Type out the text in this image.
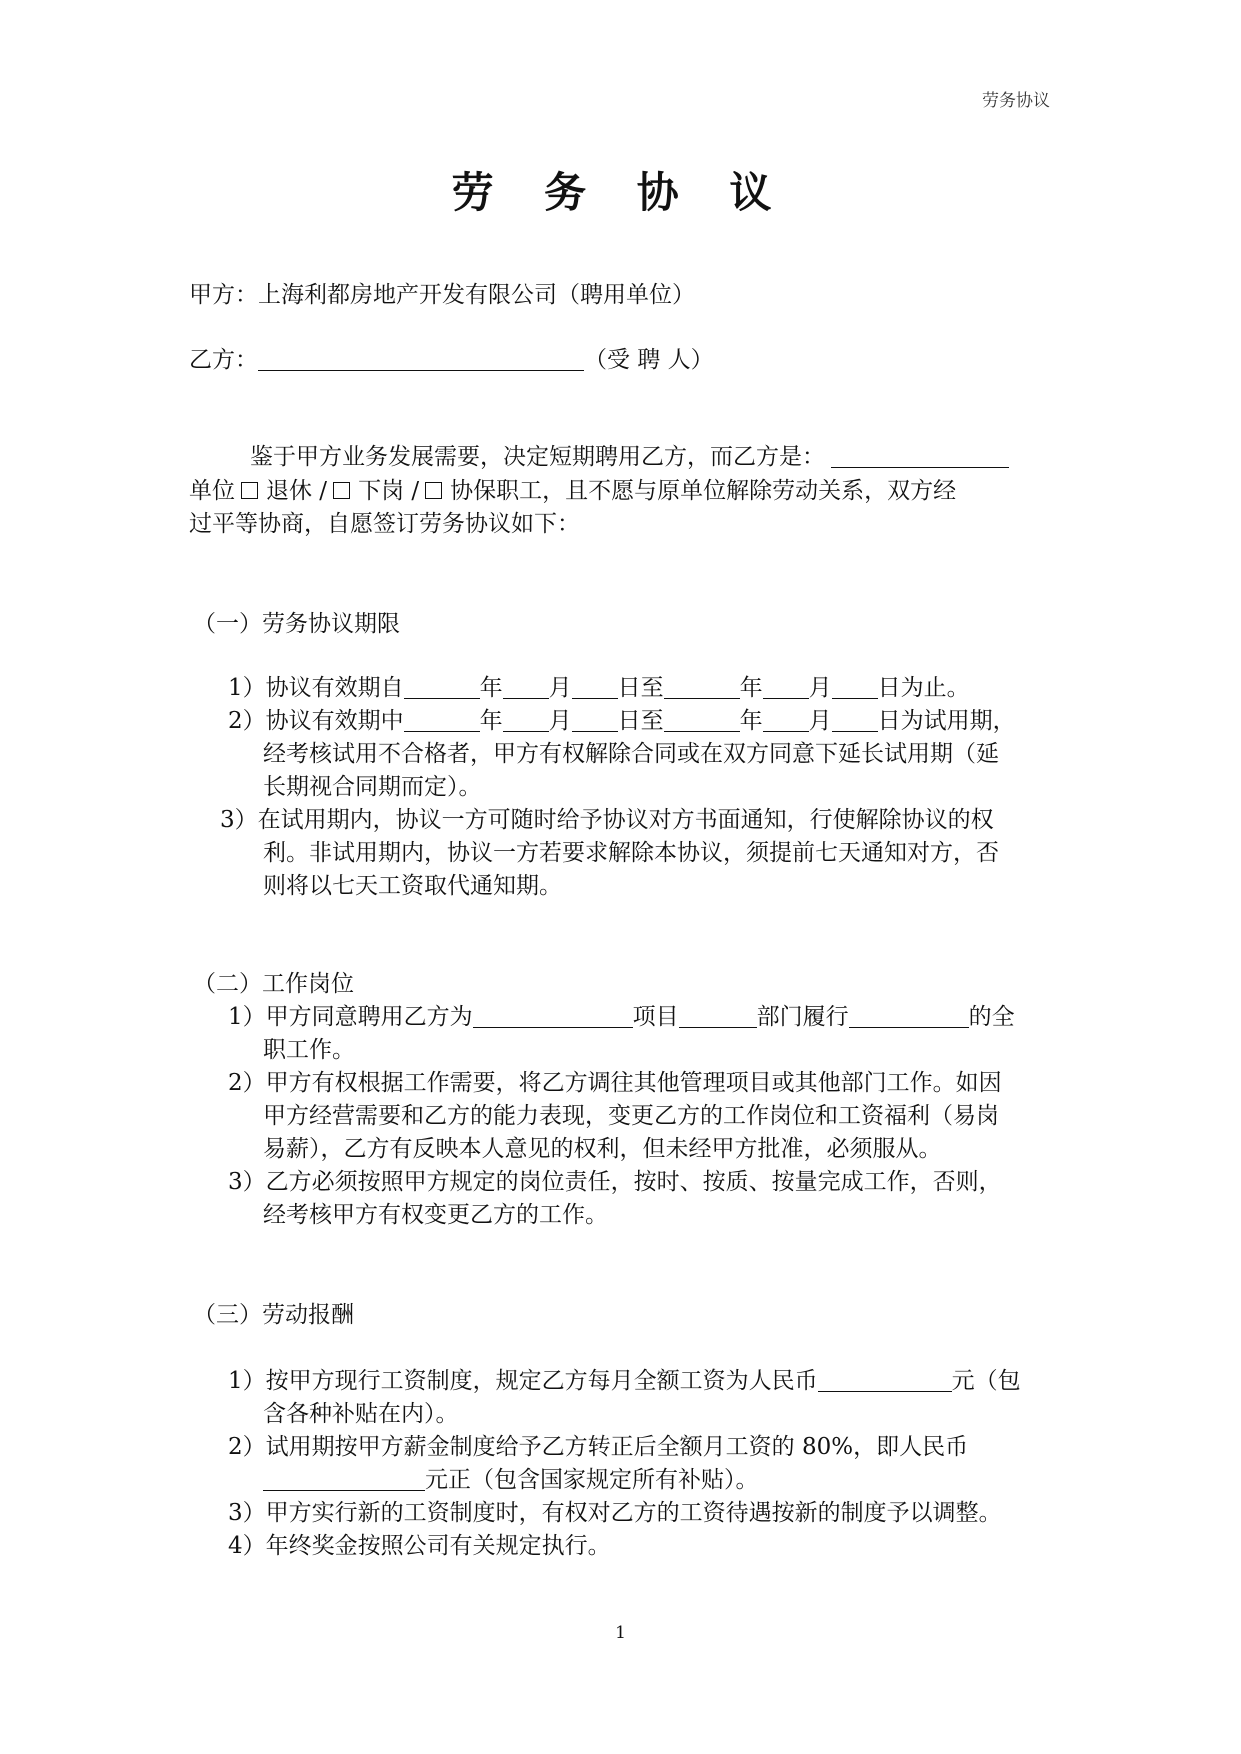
劳务协议
劳 务 协 议
甲方：上海利都房地产开发有限公司（聘用单位）
乙方：	（受 聘 人）
鉴于甲方业务发展需要，决定短期聘用乙方，而乙方是：
单位 退休 / 下岗 / 协保职工，且不愿与原单位解除劳动关系，双方经
过平等协商，自愿签订劳务协议如下：
（一）劳务协议期限
1）协议有效期自	年 月 日至	年 月 日为止。
2）协议有效期中	年 月 日至	年 月 日为试用期，
经考核试用不合格者，甲方有权解除合同或在双方同意下延长试用期（延
长期视合同期而定）。
3）在试用期内，协议一方可随时给予协议对方书面通知，行使解除协议的权
利。非试用期内，协议一方若要求解除本协议，须提前七天通知对方，否
则将以七天工资取代通知期。
（二）工作岗位
1）甲方同意聘用乙方为	项目	部门履行	的全
职工作。
2）甲方有权根据工作需要，将乙方调往其他管理项目或其他部门工作。如因
甲方经营需要和乙方的能力表现，变更乙方的工作岗位和工资福利（易岗
易薪），乙方有反映本人意见的权利，但未经甲方批准，必须服从。
3）乙方必须按照甲方规定的岗位责任，按时、按质、按量完成工作，否则，
经考核甲方有权变更乙方的工作。
（三）劳动报酬
1）按甲方现行工资制度，规定乙方每月全额工资为人民币	元（包
含各种补贴在内）。
2）试用期按甲方薪金制度给予乙方转正后全额月工资的 80%，即人民币
元正（包含国家规定所有补贴）。
3）甲方实行新的工资制度时，有权对乙方的工资待遇按新的制度予以调整。
4）年终奖金按照公司有关规定执行。
1
